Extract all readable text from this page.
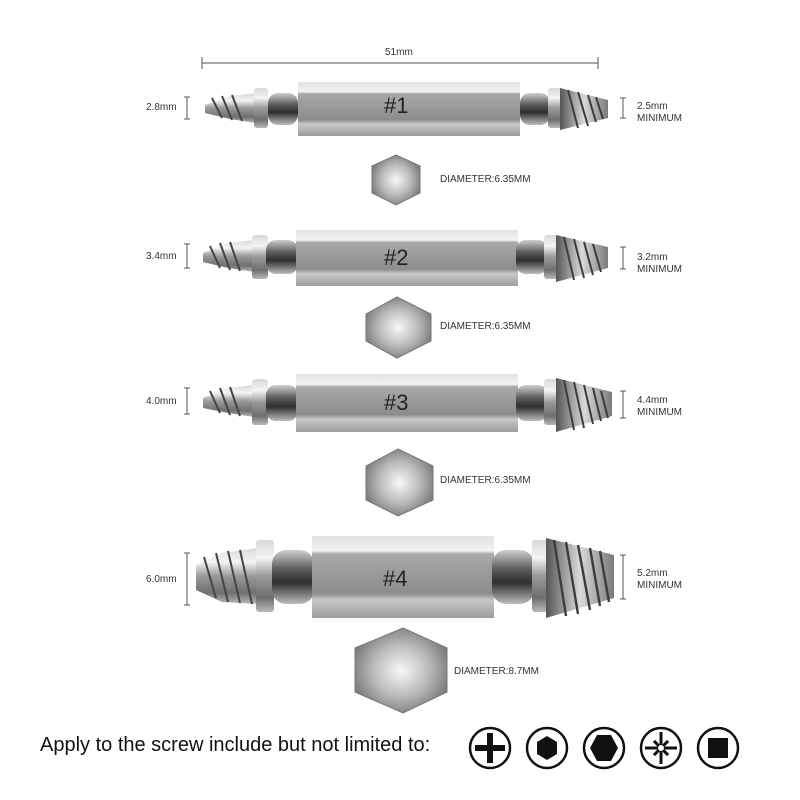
51mm
#1
#2
#3
#4
2.8mm
3.4mm
4.0mm
6.0mm
2.5mm
MINIMUM
3.2mm
MINIMUM
4.4mm
MINIMUM
5.2mm
MINIMUM
DIAMETER:6.35MM
DIAMETER:6.35MM
DIAMETER:6.35MM
DIAMETER:8.7MM
Apply to the screw include but not limited to:
